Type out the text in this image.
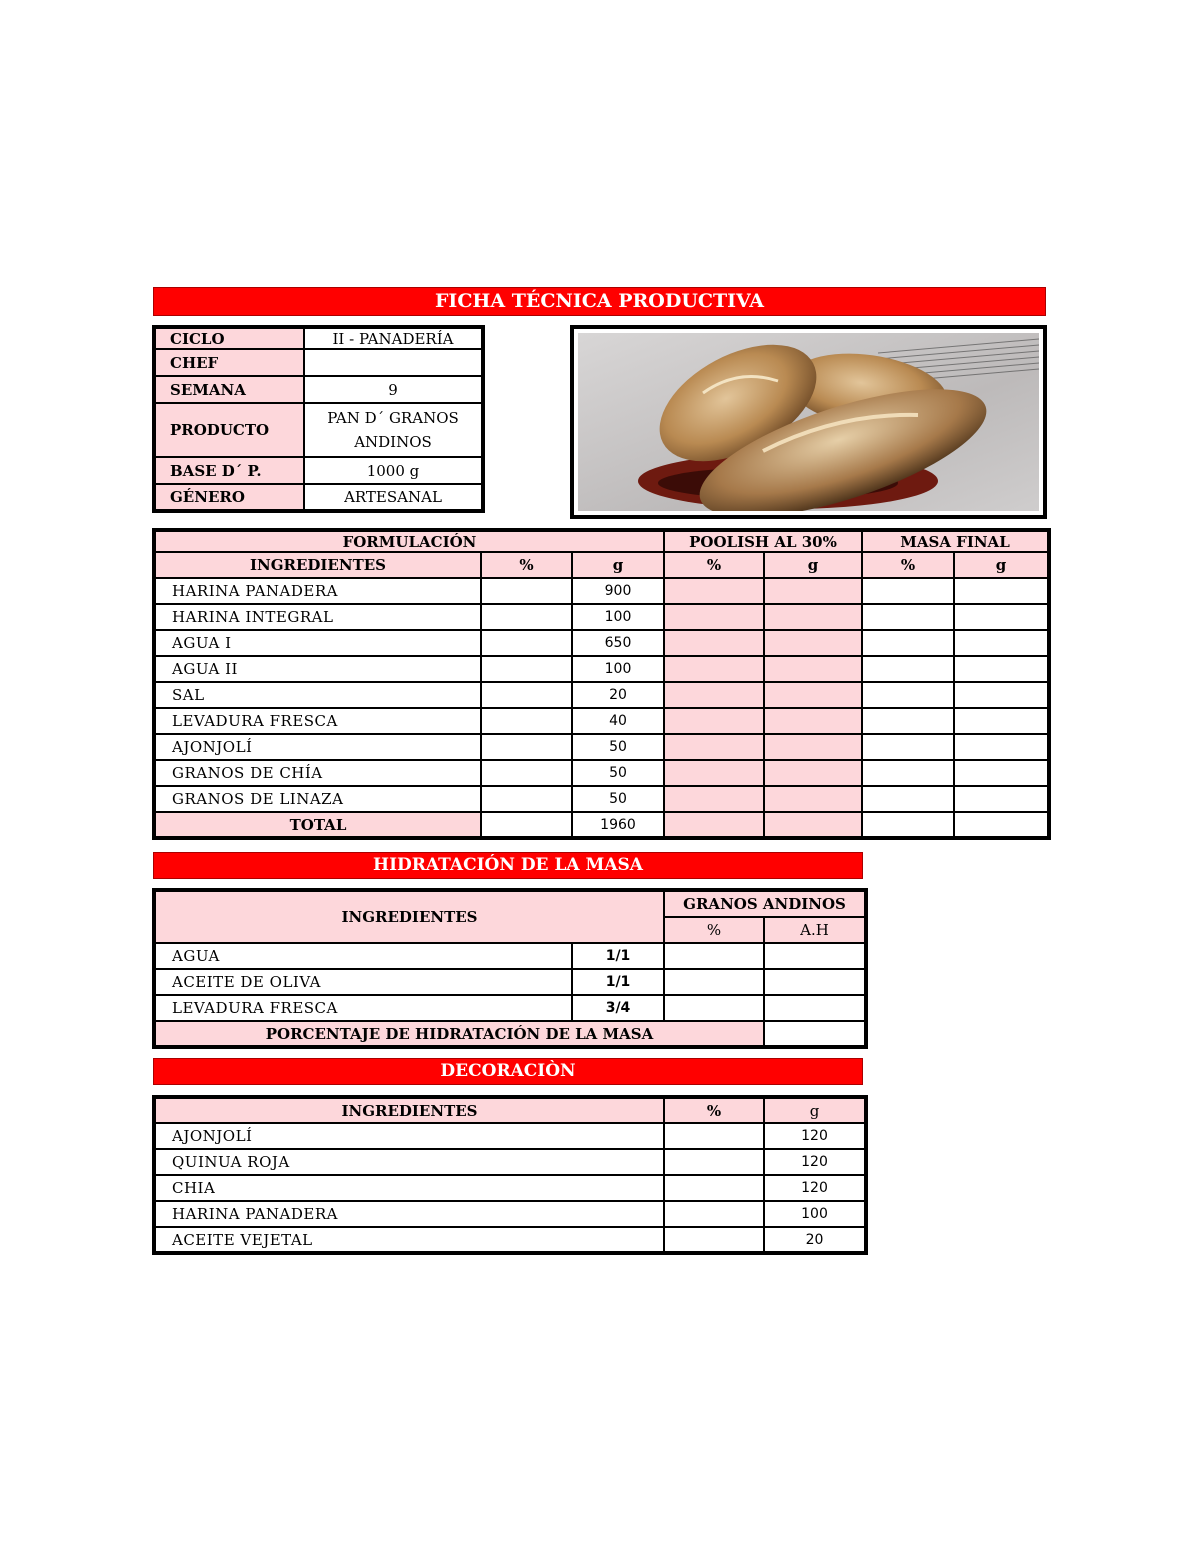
FICHA TÉCNICA PRODUCTIVA
CICLO	II - PANADERÍA
CHEF	
SEMANA	9
PRODUCTO	PAN D´ GRANOS ANDINOS
BASE D´ P.	1000 g
GÉNERO	ARTESANAL
FORMULACIÓN			POOLISH AL 30%		MASA FINAL	
INGREDIENTES	%	g	%	g	%	g
HARINA PANADERA		900				
HARINA INTEGRAL		100				
AGUA I		650				
AGUA II		100				
SAL		20				
LEVADURA FRESCA		40				
AJONJOLÍ		50				
GRANOS DE CHÍA		50				
GRANOS DE LINAZA		50				
TOTAL		1960				
HIDRATACIÓN DE LA MASA
INGREDIENTES		GRANOS ANDINOS	
		%	A.H
AGUA	1/1		
ACEITE DE OLIVA	1/1		
LEVADURA FRESCA	3/4		
PORCENTAJE DE HIDRATACIÓN DE LA MASA			
DECORACIÒN
INGREDIENTES	%	g
AJONJOLÍ		120
QUINUA ROJA		120
CHIA		120
HARINA PANADERA		100
ACEITE VEJETAL		20
